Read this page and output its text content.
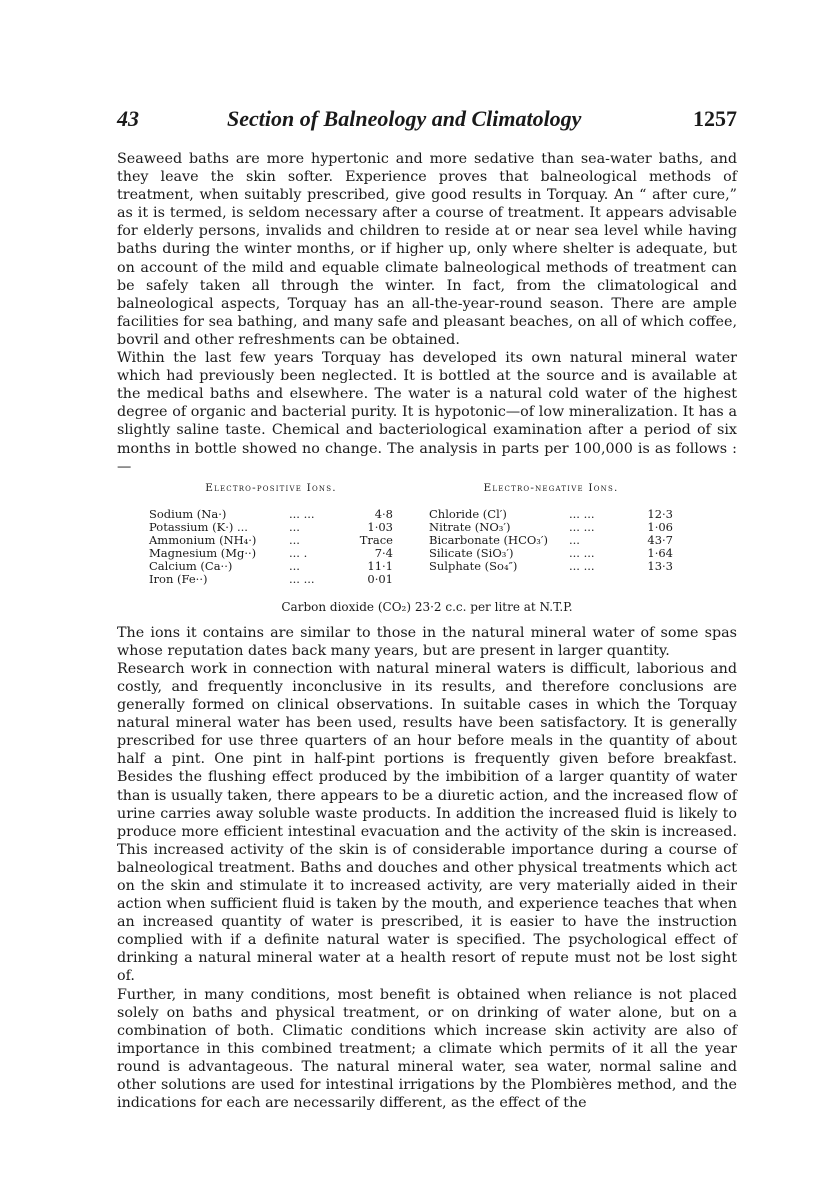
43	Section of Balneology and Climatology	1257

Seaweed baths are more hypertonic and more sedative than sea-water baths, and they leave the skin softer. Experience proves that balneological methods of treatment, when suitably prescribed, give good results in Torquay. An “ after cure,” as it is termed, is seldom necessary after a course of treatment. It appears advisable for elderly persons, invalids and children to reside at or near sea level while having baths during the winter months, or if higher up, only where shelter is adequate, but on account of the mild and equable climate balneological methods of treatment can be safely taken all through the winter. In fact, from the climatological and balneological aspects, Torquay has an all-the-year-round season. There are ample facilities for sea bathing, and many safe and pleasant beaches, on all of which coffee, bovril and other refreshments can be obtained.

Within the last few years Torquay has developed its own natural mineral water which had previously been neglected. It is bottled at the source and is available at the medical baths and elsewhere. The water is a natural cold water of the highest degree of organic and bacterial purity. It is hypotonic—of low mineralization. It has a slightly saline taste. Chemical and bacteriological examination after a period of six months in bottle showed no change. The analysis in parts per 100,000 is as follows :—

Electro-positive Ions.
Sodium (Na·)	... ...	4·8
Potassium (K·) ...	...	1·03
Ammonium (NH₄·)	...	Trace
Magnesium (Mg··)	... .	7·4
Calcium (Ca··)	...	11·1
Iron (Fe··)	... ...	0·01
Electro-negative Ions.
Chloride (Cl′)	... ...	12·3
Nitrate (NO₃′)	... ...	1·06
Bicarbonate (HCO₃′) ...	43·7
Silicate (SiO₃′)	... ...	1·64
Sulphate (So₄″)	... ...	13·3
Carbon dioxide (CO₂) 23·2 c.c. per litre at N.T.P.

The ions it contains are similar to those in the natural mineral water of some spas whose reputation dates back many years, but are present in larger quantity.

Research work in connection with natural mineral waters is difficult, laborious and costly, and frequently inconclusive in its results, and therefore conclusions are generally formed on clinical observations. In suitable cases in which the Torquay natural mineral water has been used, results have been satisfactory. It is generally prescribed for use three quarters of an hour before meals in the quantity of about half a pint. One pint in half-pint portions is frequently given before breakfast. Besides the flushing effect produced by the imbibition of a larger quantity of water than is usually taken, there appears to be a diuretic action, and the increased flow of urine carries away soluble waste products. In addition the increased fluid is likely to produce more efficient intestinal evacuation and the activity of the skin is increased. This increased activity of the skin is of considerable importance during a course of balneological treatment. Baths and douches and other physical treatments which act on the skin and stimulate it to increased activity, are very materially aided in their action when sufficient fluid is taken by the mouth, and experience teaches that when an increased quantity of water is prescribed, it is easier to have the instruction complied with if a definite natural water is specified. The psychological effect of drinking a natural mineral water at a health resort of repute must not be lost sight of.

Further, in many conditions, most benefit is obtained when reliance is not placed solely on baths and physical treatment, or on drinking of water alone, but on a combination of both. Climatic conditions which increase skin activity are also of importance in this combined treatment; a climate which permits of it all the year round is advantageous. The natural mineral water, sea water, normal saline and other solutions are used for intestinal irrigations by the Plombières method, and the indications for each are necessarily different, as the effect of the
